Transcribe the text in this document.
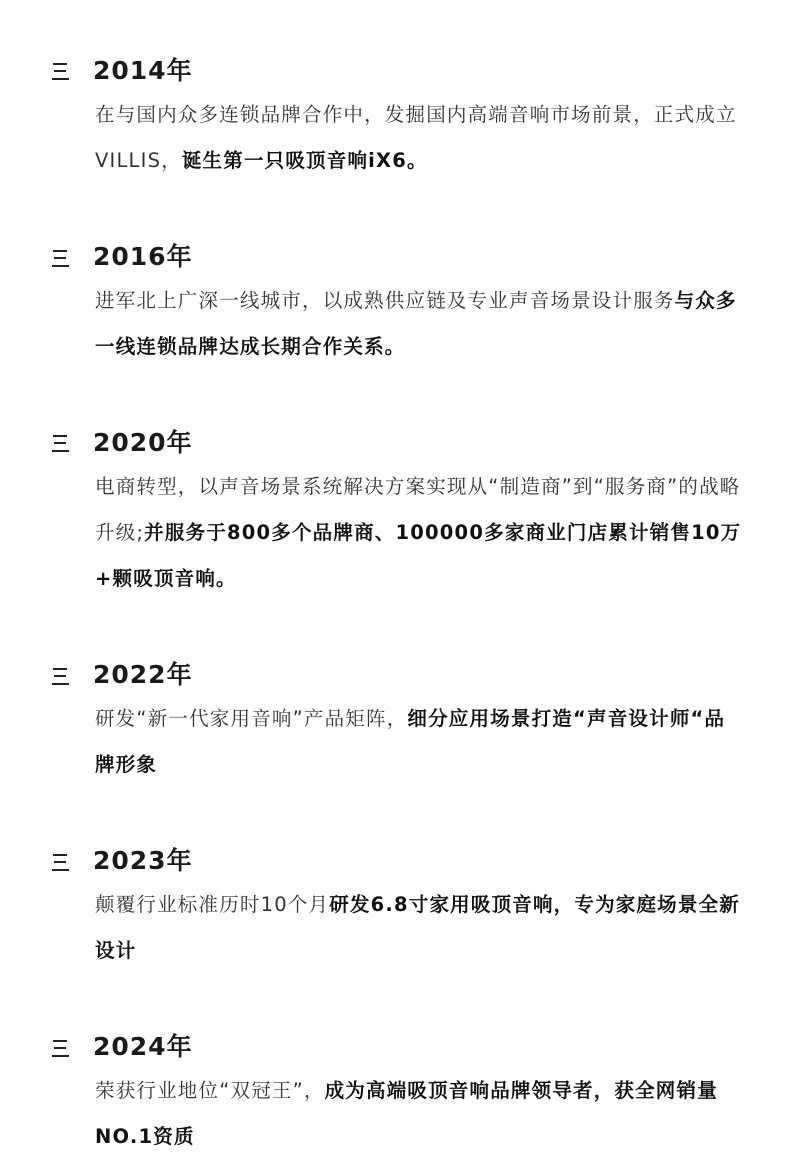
2014年

在与国内众多连锁品牌合作中，发掘国内高端音响市场前景，正式成立VILLIS，诞生第一只吸顶音响iX6。

2016年

进军北上广深一线城市，以成熟供应链及专业声音场景设计服务与众多一线连锁品牌达成长期合作关系。

2020年

电商转型，以声音场景系统解决方案实现从“制造商”到“服务商”的战略升级;并服务于800多个品牌商、100000多家商业门店累计销售10万+颗吸顶音响。

2022年

研发“新一代家用音响”产品矩阵，细分应用场景打造“声音设计师“品牌形象

2023年

颠覆行业标准历时10个月研发6.8寸家用吸顶音响，专为家庭场景全新设计

2024年

荣获行业地位“双冠王”，成为高端吸顶音响品牌领导者，获全网销量NO.1资质
